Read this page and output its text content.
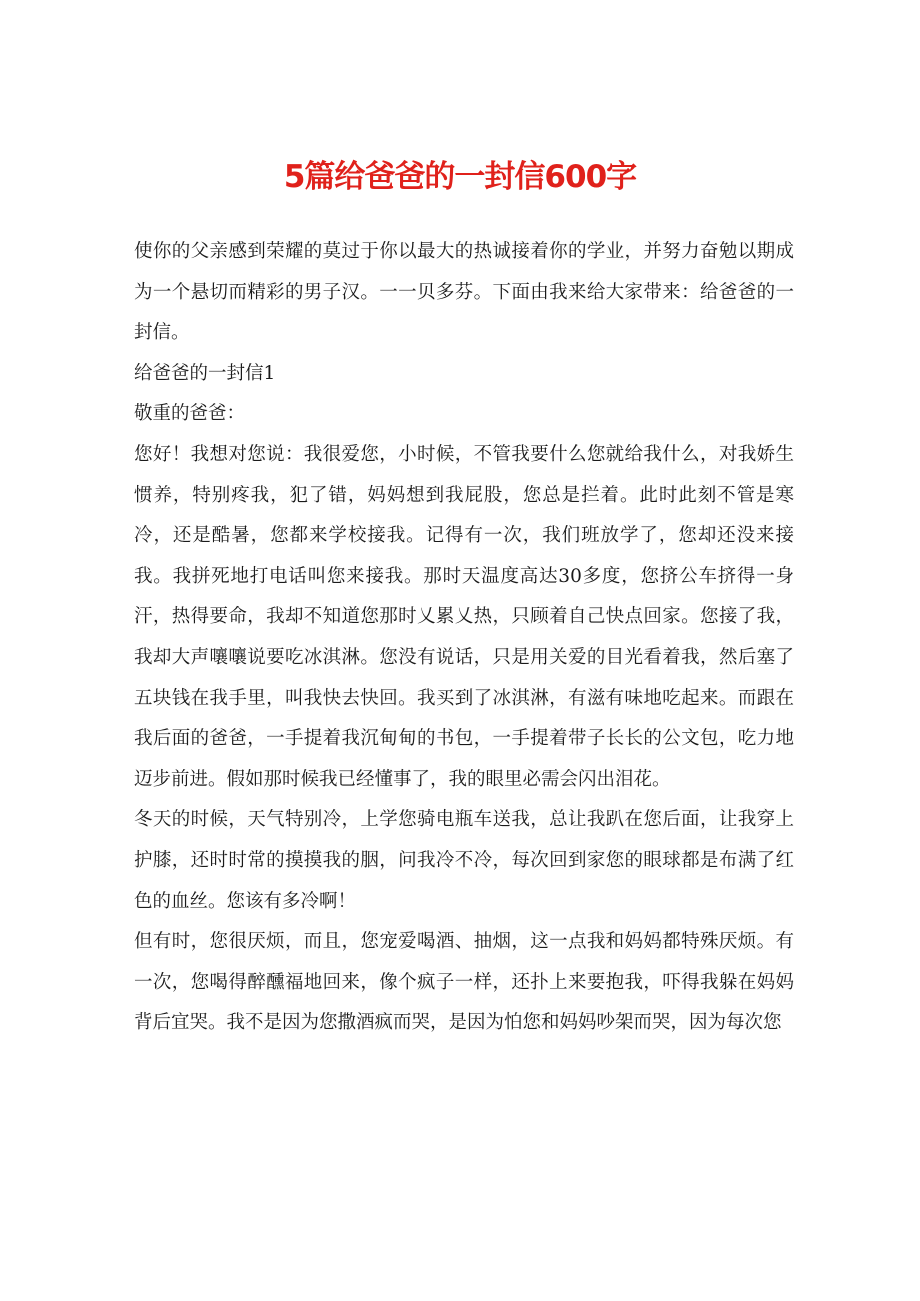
5篇给爸爸的一封信600字

使你的父亲感到荣耀的莫过于你以最大的热诚接着你的学业，并努力奋勉以期成为一个悬切而精彩的男子汉。一一贝多芬。下面由我来给大家带来：给爸爸的一封信。

给爸爸的一封信1

敬重的爸爸：

您好！我想对您说：我很爱您，小时候，不管我要什么您就给我什么，对我娇生惯养，特别疼我，犯了错，妈妈想到我屁股，您总是拦着。此时此刻不管是寒冷，还是酷暑，您都来学校接我。记得有一次，我们班放学了，您却还没来接我。我拼死地打电话叫您来接我。那时天温度高达30多度，您挤公车挤得一身汗，热得要命，我却不知道您那时乂累乂热，只顾着自己快点回家。您接了我，我却大声嚷嚷说要吃冰淇淋。您没有说话，只是用关爱的目光看着我，然后塞了五块钱在我手里，叫我快去快回。我买到了冰淇淋，有滋有味地吃起来。而跟在我后面的爸爸，一手提着我沉甸甸的书包，一手提着带子长长的公文包，吃力地迈步前进。假如那时候我已经懂事了，我的眼里必需会闪出泪花。

冬天的时候，天气特别冷，上学您骑电瓶车送我，总让我趴在您后面，让我穿上护膝，还时时常的摸摸我的胭，问我冷不冷，每次回到家您的眼球都是布满了红色的血丝。您该有多冷啊！

但有时，您很厌烦，而且，您宠爱喝酒、抽烟，这一点我和妈妈都特殊厌烦。有一次，您喝得醉醺福地回来，像个疯子一样，还扑上来要抱我，吓得我躲在妈妈背后宜哭。我不是因为您撒酒疯而哭，是因为怕您和妈妈吵架而哭，因为每次您
